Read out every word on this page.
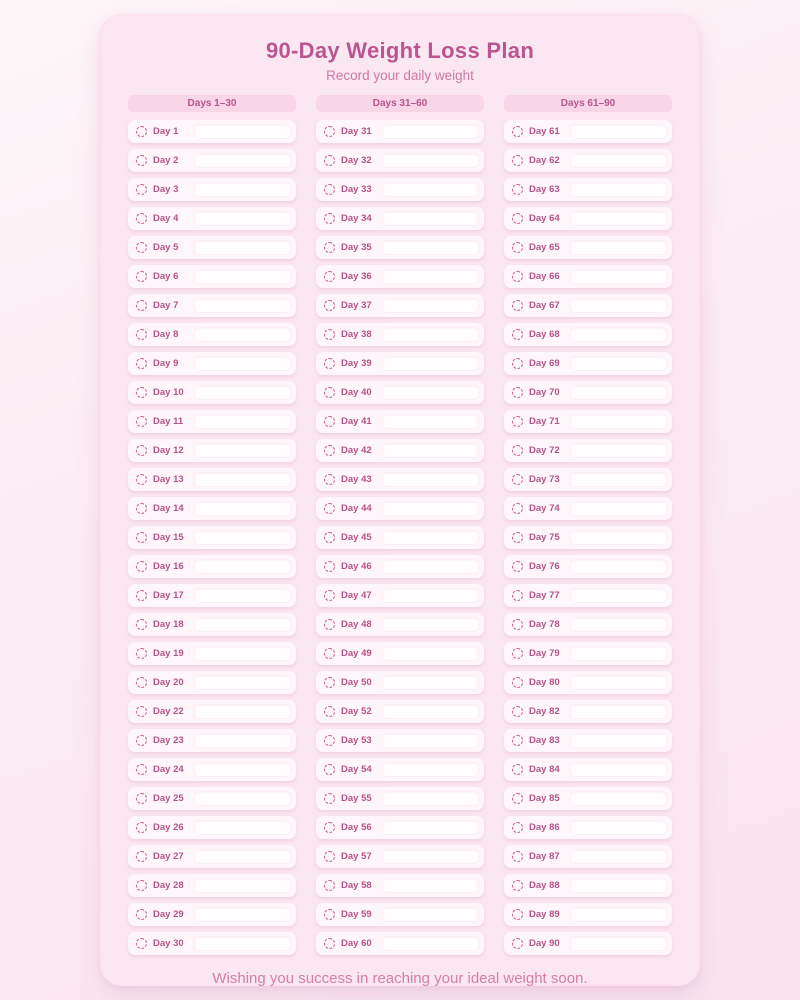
90-Day Weight Loss Plan

Record your daily weight

Days 1–30
Day 1
Day 2
Day 3
Day 4
Day 5
Day 6
Day 7
Day 8
Day 9
Day 10
Day 11
Day 12
Day 13
Day 14
Day 15
Day 16
Day 17
Day 18
Day 19
Day 20
Day 22
Day 23
Day 24
Day 25
Day 26
Day 27
Day 28
Day 29
Day 30
Days 31–60
Day 31
Day 32
Day 33
Day 34
Day 35
Day 36
Day 37
Day 38
Day 39
Day 40
Day 41
Day 42
Day 43
Day 44
Day 45
Day 46
Day 47
Day 48
Day 49
Day 50
Day 52
Day 53
Day 54
Day 55
Day 56
Day 57
Day 58
Day 59
Day 60
Days 61–90
Day 61
Day 62
Day 63
Day 64
Day 65
Day 66
Day 67
Day 68
Day 69
Day 70
Day 71
Day 72
Day 73
Day 74
Day 75
Day 76
Day 77
Day 78
Day 79
Day 80
Day 82
Day 83
Day 84
Day 85
Day 86
Day 87
Day 88
Day 89
Day 90

Wishing you success in reaching your ideal weight soon.
